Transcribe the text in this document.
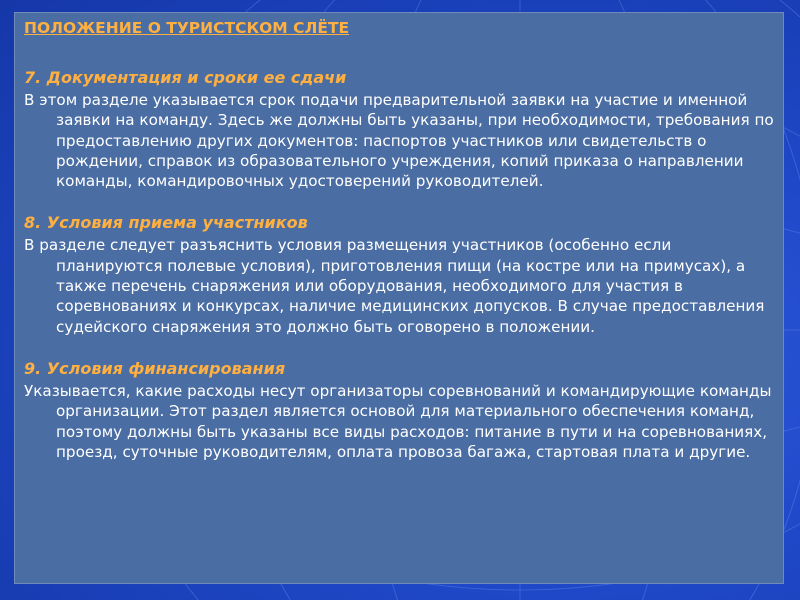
ПОЛОЖЕНИЕ О ТУРИСТСКОМ СЛЁТЕ

7. Документация и сроки ее сдачи

В этом разделе указывается срок подачи предварительной заявки на участие и именной заявки на команду. Здесь же должны быть указаны, при необходимости, требования по предоставлению других документов: паспортов участников или свидетельств о рождении, справок из образовательного учреждения, копий приказа о направлении команды, командировочных удостоверений руководителей.

8. Условия приема участников

В разделе следует разъяснить условия размещения участников (особенно если планируются полевые условия), приготовления пищи (на костре или на примусах), а также перечень снаряжения или оборудования, необходимого для участия в соревнованиях и конкурсах, наличие медицинских допусков. В случае предоставления судейского снаряжения это должно быть оговорено в положении.

9. Условия финансирования

Указывается, какие расходы несут организаторы соревнований и командирующие команды организации. Этот раздел является основой для материального обеспечения команд, поэтому должны быть указаны все виды расходов: питание в пути и на соревнованиях, проезд, суточные руководителям, оплата провоза багажа, стартовая плата и другие.
